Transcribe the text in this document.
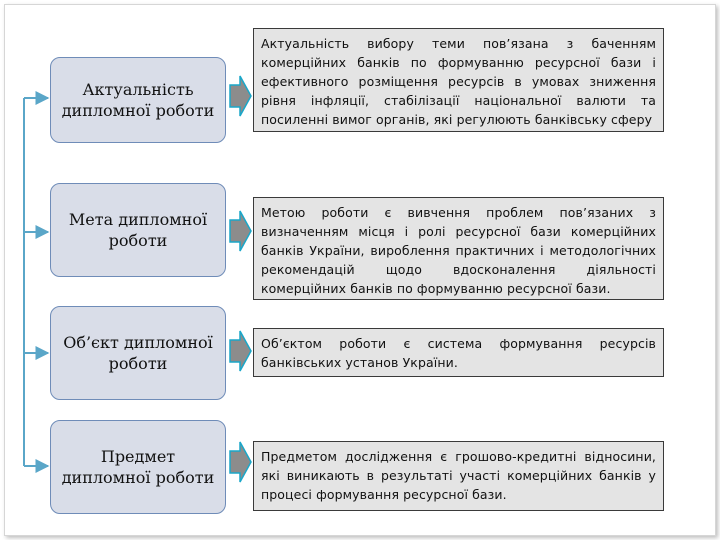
Актуальність дипломної роботи
Актуальність вибору теми пов’язана з баченням комерційних банків по формуванню ресурсної бази і ефективного розміщення ресурсів в умовах зниження рівня інфляції, стабілізації національної валюти та посиленні вимог органів, які регулюють банківську сферу
Мета дипломної роботи
Метою роботи є вивчення проблем пов’язаних з визначенням місця і ролі ресурсної бази комерційних банків України, вироблення практичних і методологічних рекомендацій щодо вдосконалення діяльності комерційних банків по формуванню ресурсної бази.
Об’єкт дипломної роботи
Об’єктом роботи є система формування ресурсів банківських установ України.
Предмет дипломної роботи
Предметом дослідження є грошово-кредитні відносини, які виникають в результаті участі комерційних банків у процесі формування ресурсної бази.
